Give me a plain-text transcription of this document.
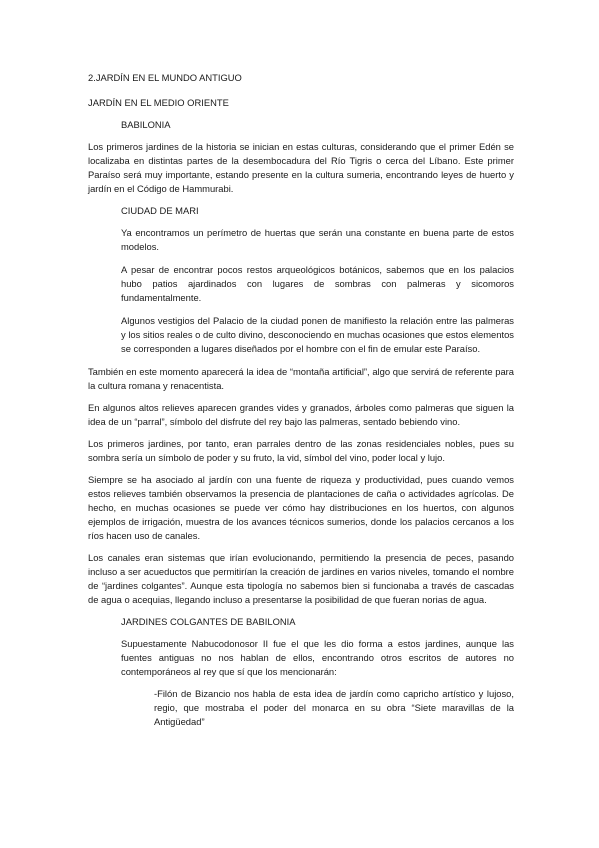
2.JARDÍN EN EL MUNDO ANTIGUO
JARDÍN EN EL MEDIO ORIENTE
BABILONIA

Los primeros jardines de la historia se inician en estas culturas, considerando que el primer Edén se localizaba en distintas partes de la desembocadura del Río Tigris o cerca del Líbano. Este primer Paraíso será muy importante, estando presente en la cultura sumeria, encontrando leyes de huerto y jardín en el Código de Hammurabi.

CIUDAD DE MARI

Ya encontramos un perímetro de huertas que serán una constante en buena parte de estos modelos.

A pesar de encontrar pocos restos arqueológicos botánicos, sabemos que en los palacios hubo patios ajardinados con lugares de sombras con palmeras y sicomoros fundamentalmente.

Algunos vestigios del Palacio de la ciudad ponen de manifiesto la relación entre las palmeras y los sitios reales o de culto divino, desconociendo en muchas ocasiones que estos elementos se corresponden a lugares diseñados por el hombre con el fin de emular este Paraíso.

También en este momento aparecerá la idea de “montaña artificial”, algo que servirá de referente para la cultura romana y renacentista.

En algunos altos relieves aparecen grandes vides y granados, árboles como palmeras que siguen la idea de un “parral”, símbolo del disfrute del rey bajo las palmeras, sentado bebiendo vino.

Los primeros jardines, por tanto, eran parrales dentro de las zonas residenciales nobles, pues su sombra sería un símbolo de poder y su fruto, la vid, símbol del vino, poder local y lujo.

Siempre se ha asociado al jardín con una fuente de riqueza y productividad, pues cuando vemos estos relieves también observamos la presencia de plantaciones de caña o actividades agrícolas. De hecho, en muchas ocasiones se puede ver cómo hay distribuciones en los huertos, con algunos ejemplos de irrigación, muestra de los avances técnicos sumerios, donde los palacios cercanos a los ríos hacen uso de canales.

Los canales eran sistemas que irían evolucionando, permitiendo la presencia de peces, pasando incluso a ser acueductos que permitirían la creación de jardines en varios niveles, tomando el nombre de “jardines colgantes”. Aunque esta tipología no sabemos bien si funcionaba a través de cascadas de agua o acequias, llegando incluso a presentarse la posibilidad de que fueran norias de agua.

JARDINES COLGANTES DE BABILONIA

Supuestamente Nabucodonosor II fue el que les dio forma a estos jardines, aunque las fuentes antiguas no nos hablan de ellos, encontrando otros escritos de autores no contemporáneos al rey que sí que los mencionarán:

-Filón de Bizancio nos habla de esta idea de jardín como capricho artístico y lujoso, regio, que mostraba el poder del monarca en su obra “Siete maravillas de la Antigüedad”
